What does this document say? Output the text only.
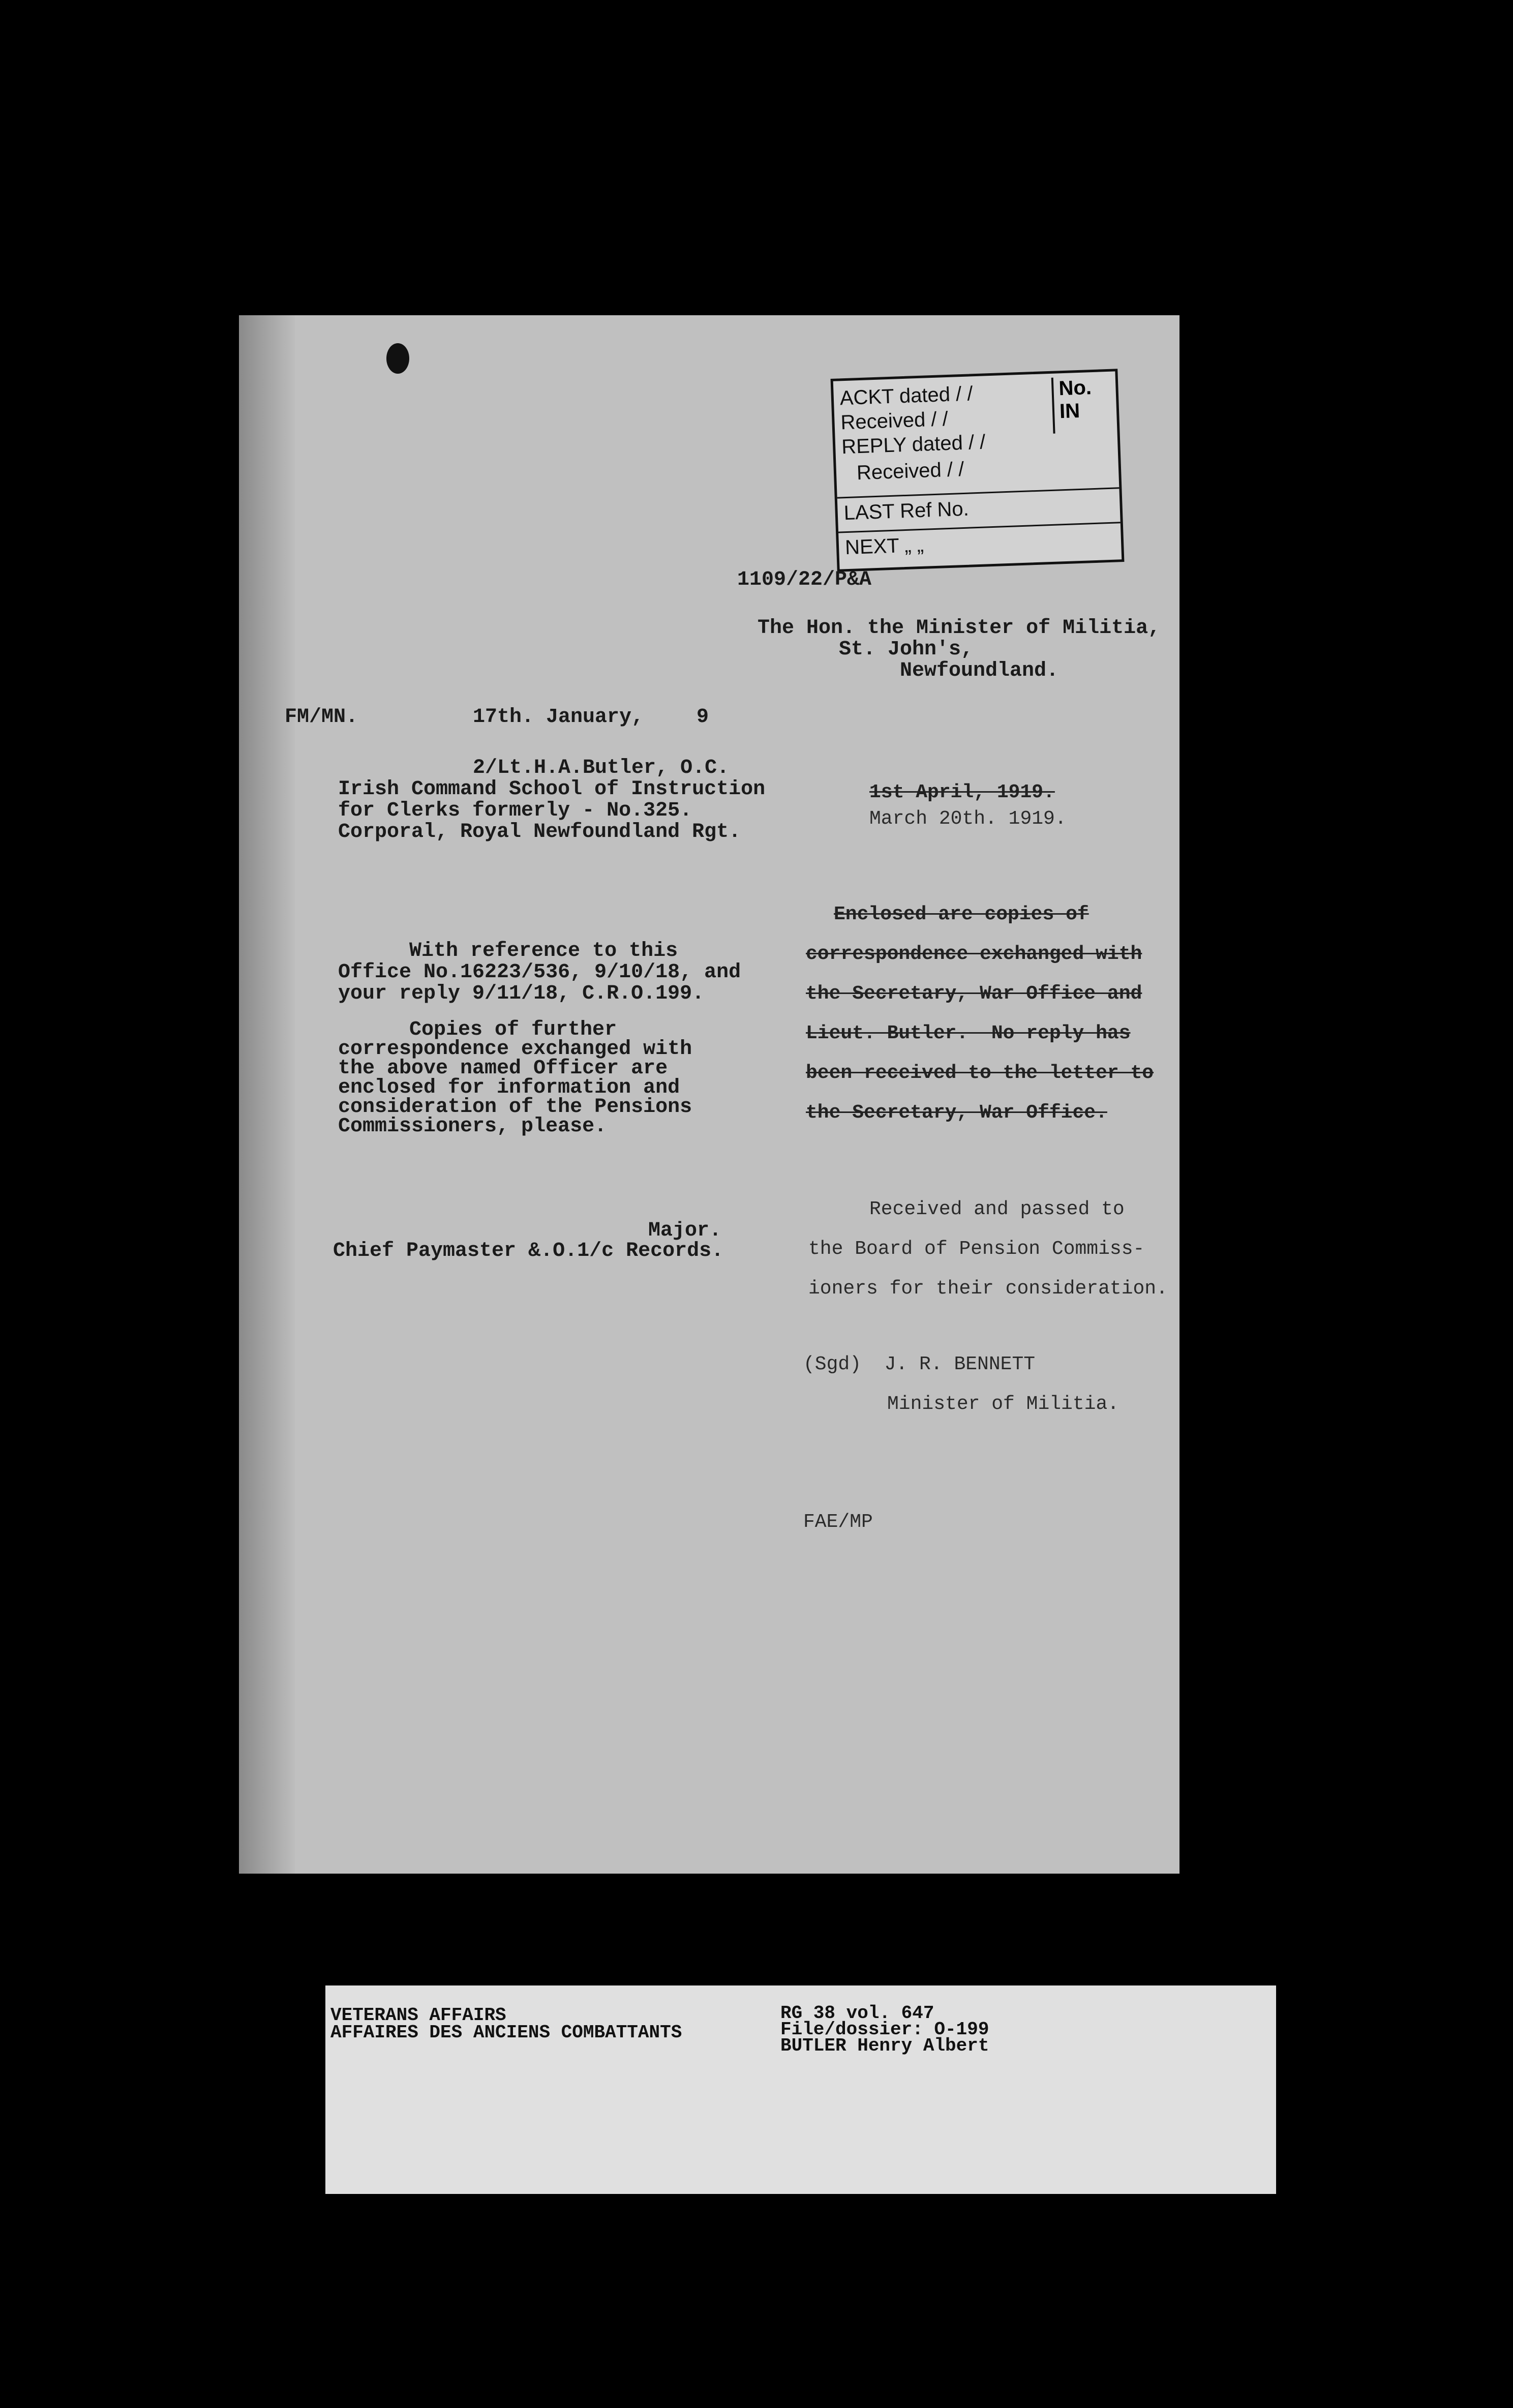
ACKT dated / /
Received / /
REPLY dated / /
Received / /
LAST Ref No.
NEXT „ „
No. IN
1109/22/P&A
The Hon. the Minister of Militia,
St. John's,
Newfoundland.
FM/MN.	17th. January,	9
2/Lt.H.A.Butler, O.C.
Irish Command School of Instruction
for Clerks formerly - No.325.
Corporal, Royal Newfoundland Rgt.
With reference to this
Office No.16223/536, 9/10/18, and
your reply 9/11/18, C.R.O.199.
Copies of further
correspondence exchanged with
the above named Officer are
enclosed for information and
consideration of the Pensions
Commissioners, please.
Major.
Chief Paymaster &.O.1/c Records.
1st April, 1919.
March 20th. 1919.
Enclosed are copies of
correspondence exchanged with
the Secretary, War Office and
Lieut. Butler.  No reply has
been received to the letter to
the Secretary, War Office.
Received and passed to
the Board of Pension Commiss-
ioners for their consideration.
(Sgd)  J. R. BENNETT
Minister of Militia.
FAE/MP
VETERANS AFFAIRS
AFFAIRES DES ANCIENS COMBATTANTS
RG 38 vol. 647
File/dossier: O-199
BUTLER Henry Albert
